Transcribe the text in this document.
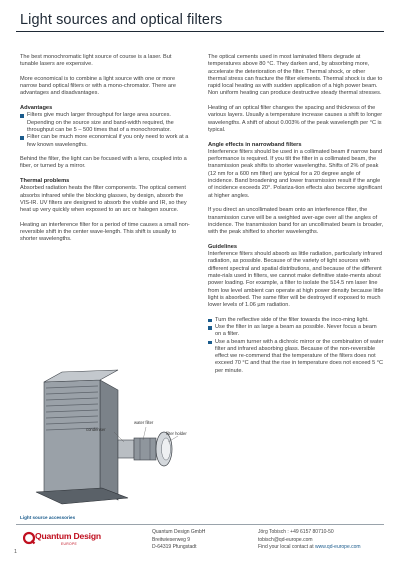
Light sources and optical filters

The best monochromatic light source of course is a laser. But tunable lasers are expensive.

More economical is to combine a light source with one or more narrow band optical filters or with a mono-chromator. There are advantages and disadvantages.

Advantages
Filters give much larger throughput for large area sources. Depending on the source size and band-width required, the throughput can be 5 – 500 times that of a monochromator.
Filter can be much more economical if you only need to work at a few known wavelengths.

Behind the filter, the light can be focused with a lens, coupled into a fiber, or turned by a mirror.

Thermal problems

Absorbed radiation heats the filter components. The optical cement absorbs infrared while the blocking glasses, by design, absorb the VIS-IR. UV filters are designed to absorb the visible and IR, so they heat up very quickly when exposed to an arc or halogen source.

Heating an interference filter for a period of time causes a small non-reversible shift in the center wave-length. This shift is usually to shorter wavelengths.

The optical cements used in most laminated filters degrade at temperatures above 80 °C. They darken and, by absorbing more, accelerate the deterioration of the filter. Thermal shock, or other thermal stress can fracture the filter elements. Thermal shock is due to rapid local heating as with sudden application of a high power beam. Non uniform heating can produce destructive steady thermal stresses.

Heating of an optical filter changes the spacing and thickness of the various layers. Usually a temperature increase causes a shift to longer wavelengths. A shift of about 0.003% of the peak wavelength per °C is typical.

Angle effects in narrowband filters

Interference filters should be used in a collimated beam if narrow band performance is required. If you tilt the filter in a collimated beam, the transmission peak shifts to shorter wavelengths. Shifts of 2% of peak (12 nm for a 600 nm filter) are typical for a 20 degree angle of incidence. Band broadening and lower transmission result if the angle of incidence exceeds 20°. Polariza-tion effects also become significant at higher angles.

If you direct an uncollimated beam onto an interference filter, the transmission curve will be a weighted aver-age over all the angles of incidence. The transmission band for an uncollimated beam is broader, with the peak shifted to shorter wavelengths.

Guidelines

Interference filters should absorb as little radiation, particularly infrared radiation, as possible. Because of the variety of light sources with different spectral and spatial distributions, and because of the different mate-rials used in filters, we cannot make definitive state-ments about power loading. For example, a filter to isolate the 514.5 nm laser line from low level ambient can operate at high power density because little light is absorbed. The same filter will be destroyed if exposed to much lower levels of 1.06 µm radiation.

Turn the reflective side of the filter towards the inco-ming light.
Use the filter in as large a beam as possible. Never focus a beam on a filter.
Use a beam turner with a dichroic mirror or the combination of water filter and infrared absorbing glass. Because of the non-reversible effect we re-commend that the temperature of the filters does not exceed 70 °C and that the rise in temperature does not exceed 5 °C per minute.
condenser
water filter
filter holder
Light source accessories
Quantum Design
EUROPE
1
Quantum Design GmbH
Breitwieserweg 9
D-64319 Pfungstadt
Jörg Tobisch : +49 6157 80710-50
tobisch@qd-europe.com
Find your local contact at www.qd-europe.com
